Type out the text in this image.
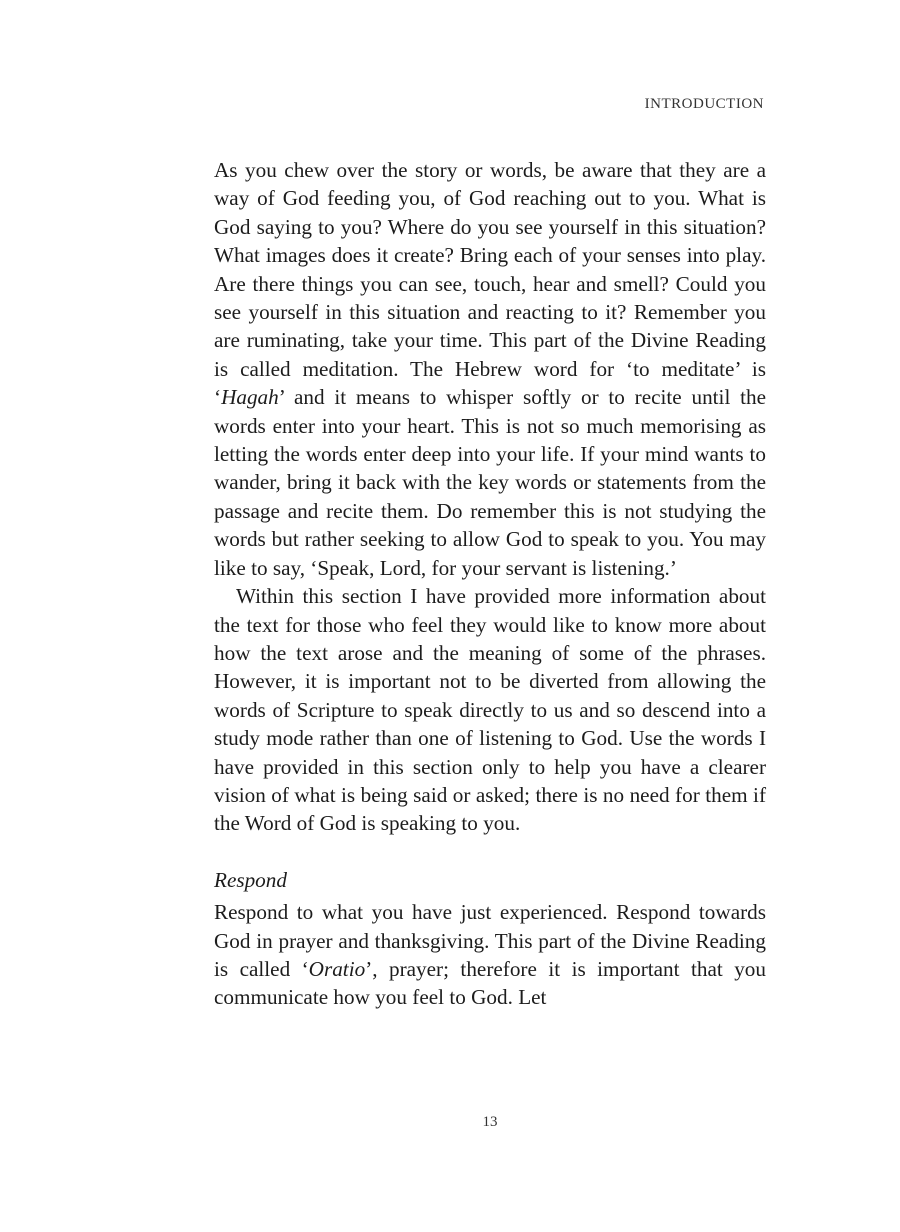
INTRODUCTION

As you chew over the story or words, be aware that they are a way of God feeding you, of God reaching out to you. What is God saying to you? Where do you see yourself in this situation? What images does it create? Bring each of your senses into play. Are there things you can see, touch, hear and smell? Could you see yourself in this situation and reacting to it? Remember you are ruminating, take your time. This part of the Divine Reading is called meditation. The Hebrew word for ‘to meditate’ is ‘Hagah’ and it means to whisper softly or to recite until the words enter into your heart. This is not so much memorising as letting the words enter deep into your life. If your mind wants to wander, bring it back with the key words or statements from the passage and recite them. Do remember this is not studying the words but rather seeking to allow God to speak to you. You may like to say, ‘Speak, Lord, for your servant is listening.’

Within this section I have provided more information about the text for those who feel they would like to know more about how the text arose and the meaning of some of the phrases. However, it is important not to be diverted from allowing the words of Scripture to speak directly to us and so descend into a study mode rather than one of listening to God. Use the words I have provided in this section only to help you have a clearer vision of what is being said or asked; there is no need for them if the Word of God is speaking to you.

Respond

Respond to what you have just experienced. Respond towards God in prayer and thanksgiving. This part of the Divine Reading is called ‘Oratio’, prayer; therefore it is important that you communicate how you feel to God. Let

13
